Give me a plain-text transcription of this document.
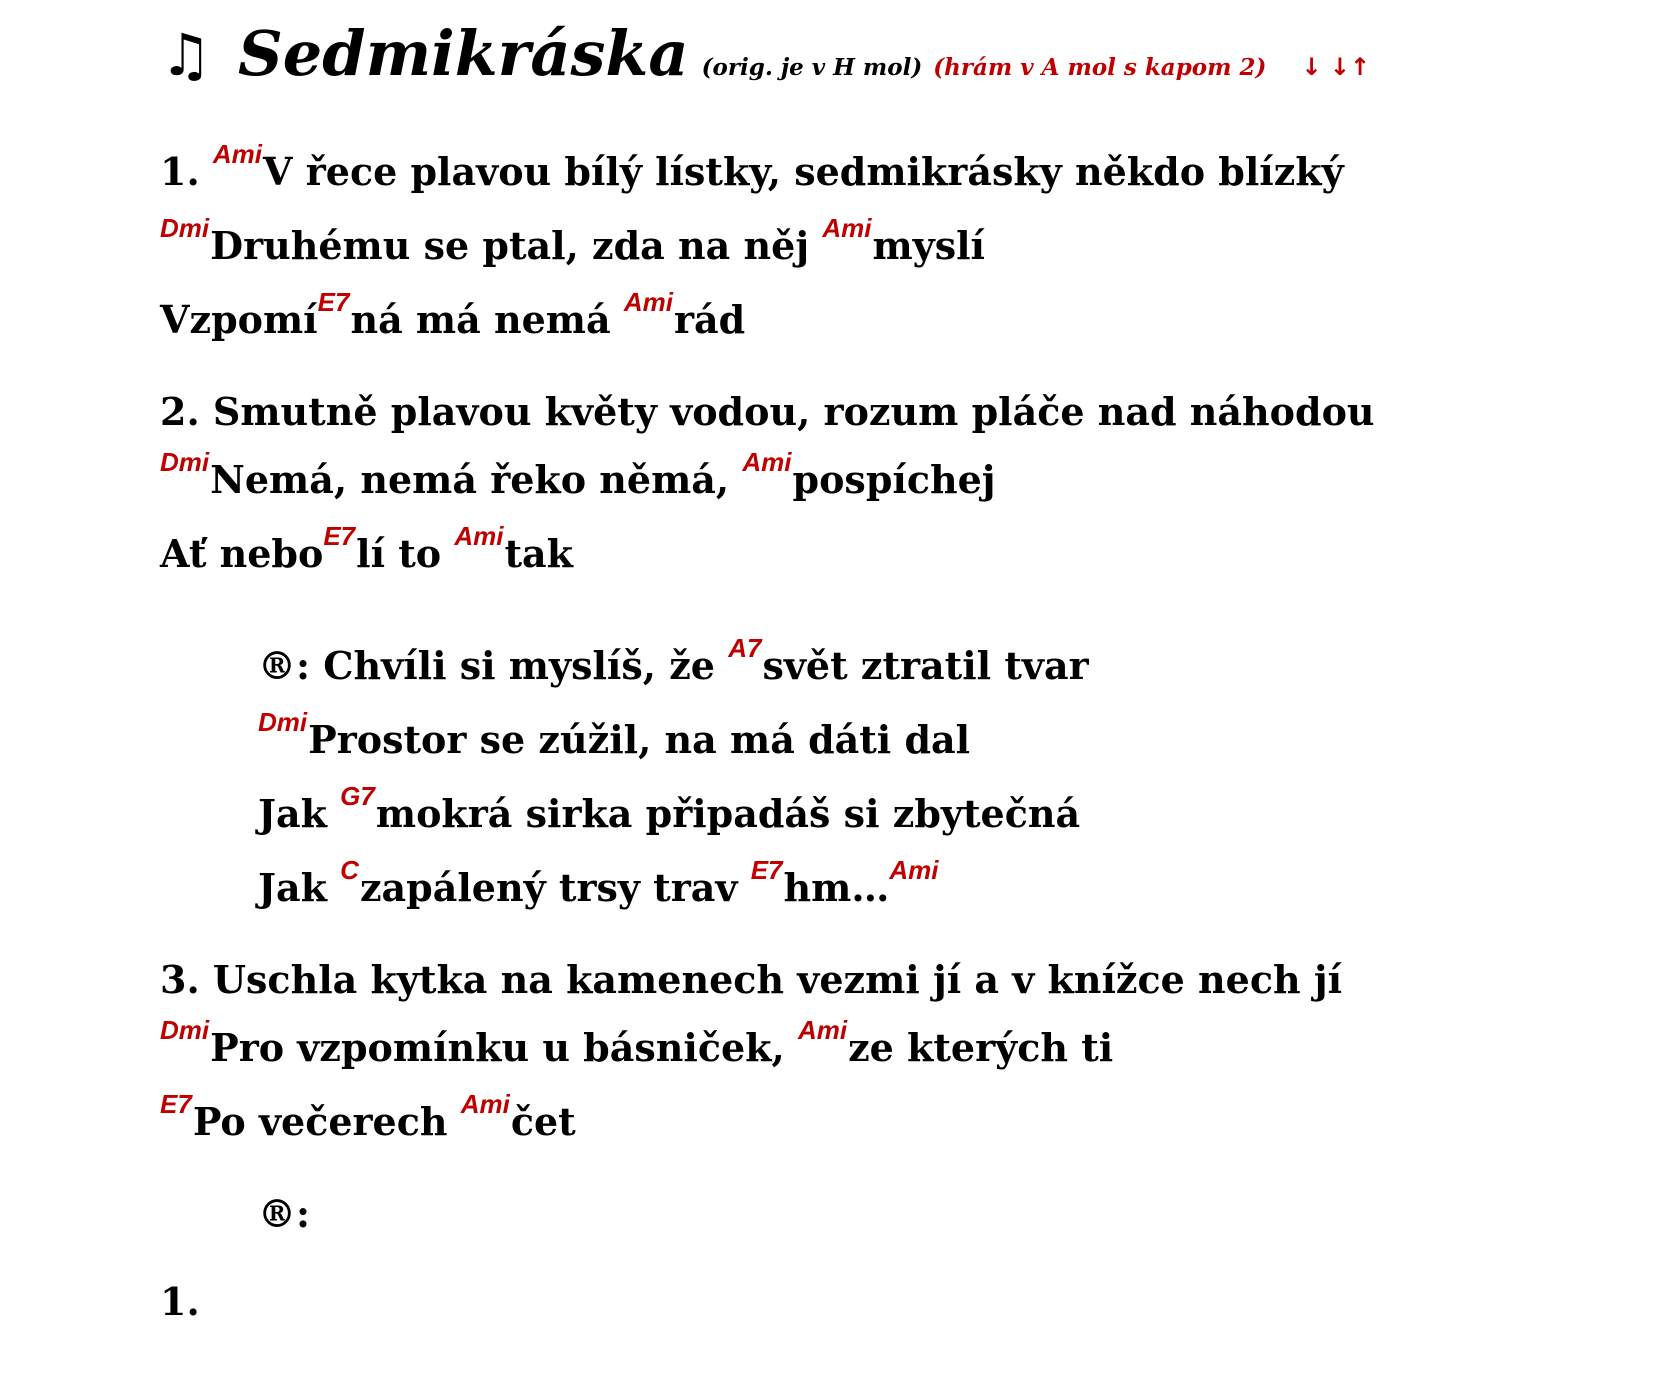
♫ Sedmikráska (orig. je v H mol) (hrám v A mol s kapom 2) ↓ ↓↑
1. $^{Ami}$V řece plavou bílý lístky, sedmikrásky někdo blízký
$^{Dmi}$Druhému se ptal, zda na něj $^{Ami}$myslí
Vzpomí$^{E7}$ná má nemá $^{Ami}$rád
2. Smutně plavou květy vodou, rozum pláče nad náhodou
$^{Dmi}$Nemá, nemá řeko němá, $^{Ami}$pospíchej
Ať nebo$^{E7}$lí to $^{Ami}$tak
®: Chvíli si myslíš, že $^{A7}$svět ztratil tvar
$^{Dmi}$Prostor se zúžil, na má dáti dal
Jak $^{G7}$mokrá sirka připadáš si zbytečná
Jak $^C$zapálený trsy trav $^{E7}$hm…$^{Ami}$
3. Uschla kytka na kamenech vezmi jí a v knížce nech jí
$^{Dmi}$Pro vzpomínku u básniček, $^{Ami}$ze kterých ti
$^{E7}$Po večerech $^{Ami}$čet
®:
1.
